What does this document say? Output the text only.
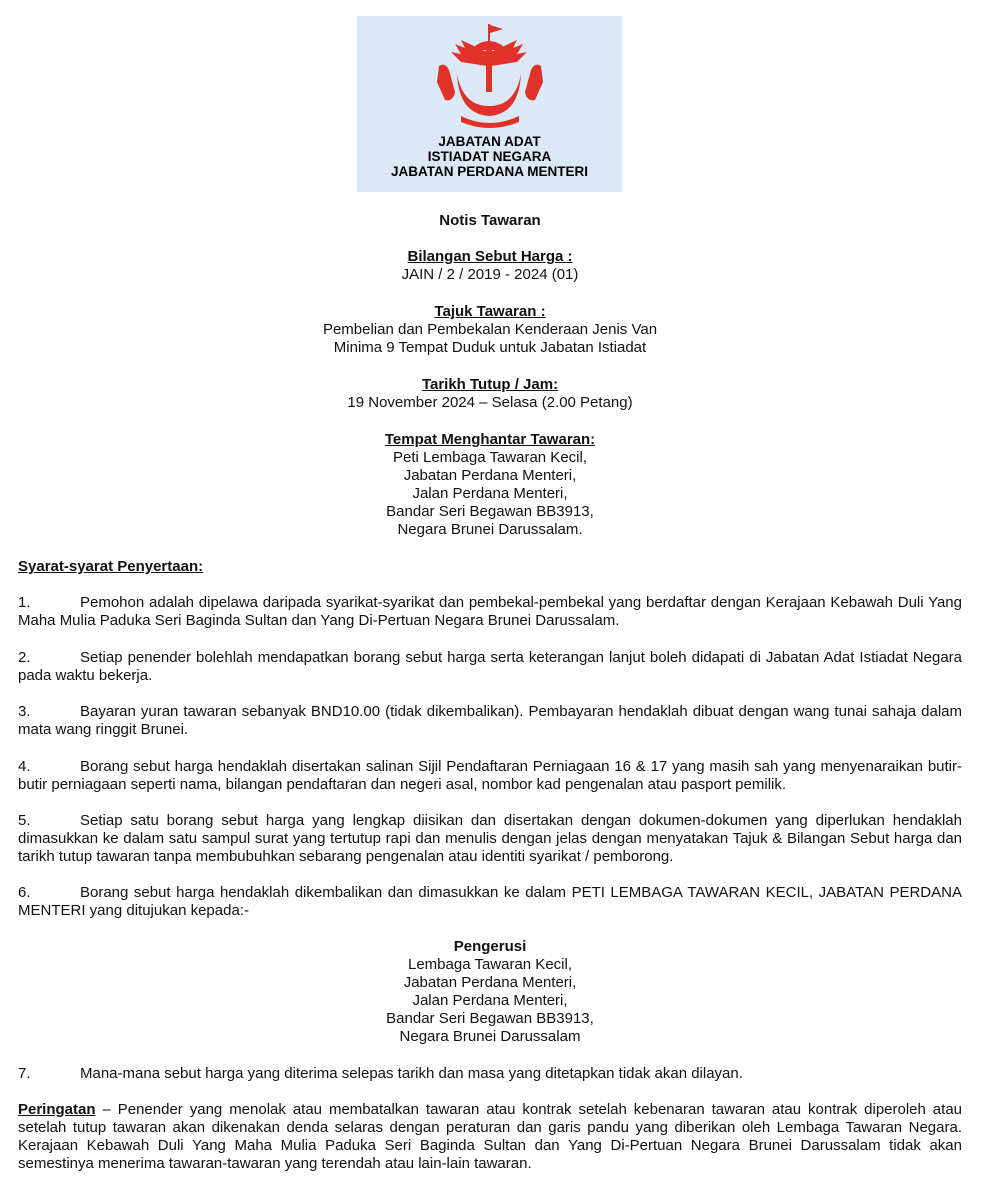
JABATAN ADAT
ISTIADAT NEGARA
JABATAN PERDANA MENTERI
Notis Tawaran
Bilangan Sebut Harga :
JAIN / 2 / 2019 - 2024 (01)
Tajuk Tawaran :
Pembelian dan Pembekalan Kenderaan Jenis Van
Minima 9 Tempat Duduk untuk Jabatan Istiadat
Tarikh Tutup / Jam:
19 November 2024 – Selasa (2.00 Petang)
Tempat Menghantar Tawaran:
Peti Lembaga Tawaran Kecil,
Jabatan Perdana Menteri,
Jalan Perdana Menteri,
Bandar Seri Begawan BB3913,
Negara Brunei Darussalam.
Syarat-syarat Penyertaan:
1.	Pemohon adalah dipelawa daripada syarikat-syarikat dan pembekal-pembekal yang berdaftar dengan Kerajaan Kebawah Duli Yang Maha Mulia Paduka Seri Baginda Sultan dan Yang Di-Pertuan Negara Brunei Darussalam.
2.	Setiap penender bolehlah mendapatkan borang sebut harga serta keterangan lanjut boleh didapati di Jabatan Adat Istiadat Negara pada waktu bekerja.
3.	Bayaran yuran tawaran sebanyak BND10.00 (tidak dikembalikan). Pembayaran hendaklah dibuat dengan wang tunai sahaja dalam mata wang ringgit Brunei.
4.	Borang sebut harga hendaklah disertakan salinan Sijil Pendaftaran Perniagaan 16 & 17 yang masih sah yang menyenaraikan butir-butir perniagaan seperti nama, bilangan pendaftaran dan negeri asal, nombor kad pengenalan atau pasport pemilik.
5.	Setiap satu borang sebut harga yang lengkap diisikan dan disertakan dengan dokumen-dokumen yang diperlukan hendaklah dimasukkan ke dalam satu sampul surat yang tertutup rapi dan menulis dengan jelas dengan menyatakan Tajuk & Bilangan Sebut harga dan tarikh tutup tawaran tanpa membubuhkan sebarang pengenalan atau identiti syarikat / pemborong.
6.	Borang sebut harga hendaklah dikembalikan dan dimasukkan ke dalam PETI LEMBAGA TAWARAN KECIL, JABATAN PERDANA MENTERI yang ditujukan kepada:-
Pengerusi
Lembaga Tawaran Kecil,
Jabatan Perdana Menteri,
Jalan Perdana Menteri,
Bandar Seri Begawan BB3913,
Negara Brunei Darussalam
7.	Mana-mana sebut harga yang diterima selepas tarikh dan masa yang ditetapkan tidak akan dilayan.
Peringatan – Penender yang menolak atau membatalkan tawaran atau kontrak setelah kebenaran tawaran atau kontrak diperoleh atau setelah tutup tawaran akan dikenakan denda selaras dengan peraturan dan garis pandu yang diberikan oleh Lembaga Tawaran Negara. Kerajaan Kebawah Duli Yang Maha Mulia Paduka Seri Baginda Sultan dan Yang Di-Pertuan Negara Brunei Darussalam tidak akan semestinya menerima tawaran-tawaran yang terendah atau lain-lain tawaran.
